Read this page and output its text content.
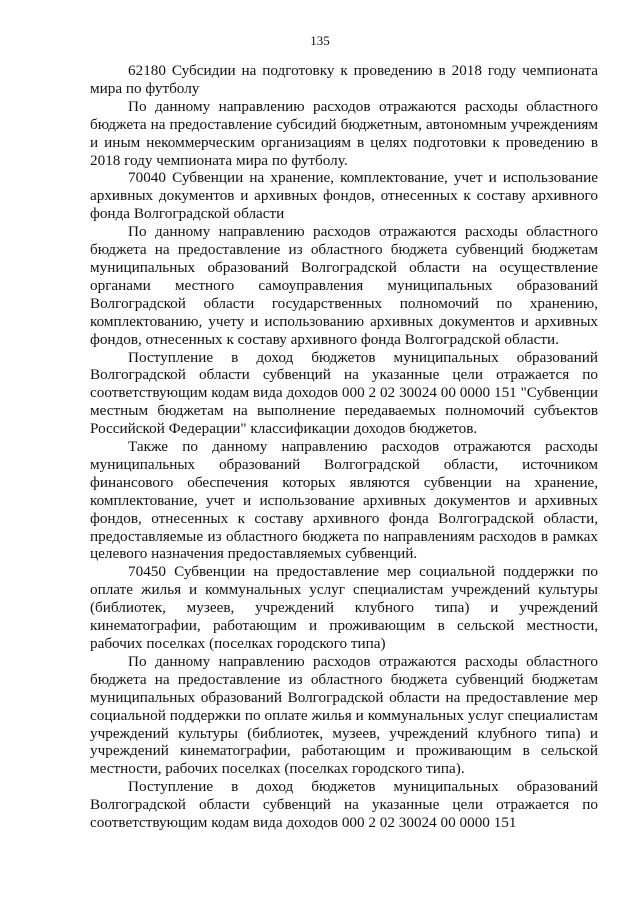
135

62180 Субсидии на подготовку к проведению в 2018 году чемпионата мира по футболу

По данному направлению расходов отражаются расходы областного бюджета на предоставление субсидий бюджетным, автономным учреждениям и иным некоммерческим организациям в целях подготовки к проведению в 2018 году чемпионата мира по футболу.

70040 Субвенции на хранение, комплектование, учет и использование архивных документов и архивных фондов, отнесенных к составу архивного фонда Волгоградской области

По данному направлению расходов отражаются расходы областного бюджета на предоставление из областного бюджета субвенций бюджетам муниципальных образований Волгоградской области на осуществление органами местного самоуправления муниципальных образований Волгоградской области государственных полномочий по хранению, комплектованию, учету и использованию архивных документов и архивных фондов, отнесенных к составу архивного фонда Волгоградской области.

Поступление в доход бюджетов муниципальных образований Волгоградской области субвенций на указанные цели отражается по соответствующим кодам вида доходов 000 2 02 30024 00 0000 151 "Субвенции местным бюджетам на выполнение передаваемых полномочий субъектов Российской Федерации" классификации доходов бюджетов.

Также по данному направлению расходов отражаются расходы муниципальных образований Волгоградской области, источником финансового обеспечения которых являются субвенции на хранение, комплектование, учет и использование архивных документов и архивных фондов, отнесенных к составу архивного фонда Волгоградской области, предоставляемые из областного бюджета по направлениям расходов в рамках целевого назначения предоставляемых субвенций.

70450 Субвенции на предоставление мер социальной поддержки по оплате жилья и коммунальных услуг специалистам учреждений культуры (библиотек, музеев, учреждений клубного типа) и учреждений кинематографии, работающим и проживающим в сельской местности, рабочих поселках (поселках городского типа)

По данному направлению расходов отражаются расходы областного бюджета на предоставление из областного бюджета субвенций бюджетам муниципальных образований Волгоградской области на предоставление мер социальной поддержки по оплате жилья и коммунальных услуг специалистам учреждений культуры (библиотек, музеев, учреждений клубного типа) и учреждений кинематографии, работающим и проживающим в сельской местности, рабочих поселках (поселках городского типа).

Поступление в доход бюджетов муниципальных образований Волгоградской области субвенций на указанные цели отражается по соответствующим кодам вида доходов 000 2 02 30024 00 0000 151
